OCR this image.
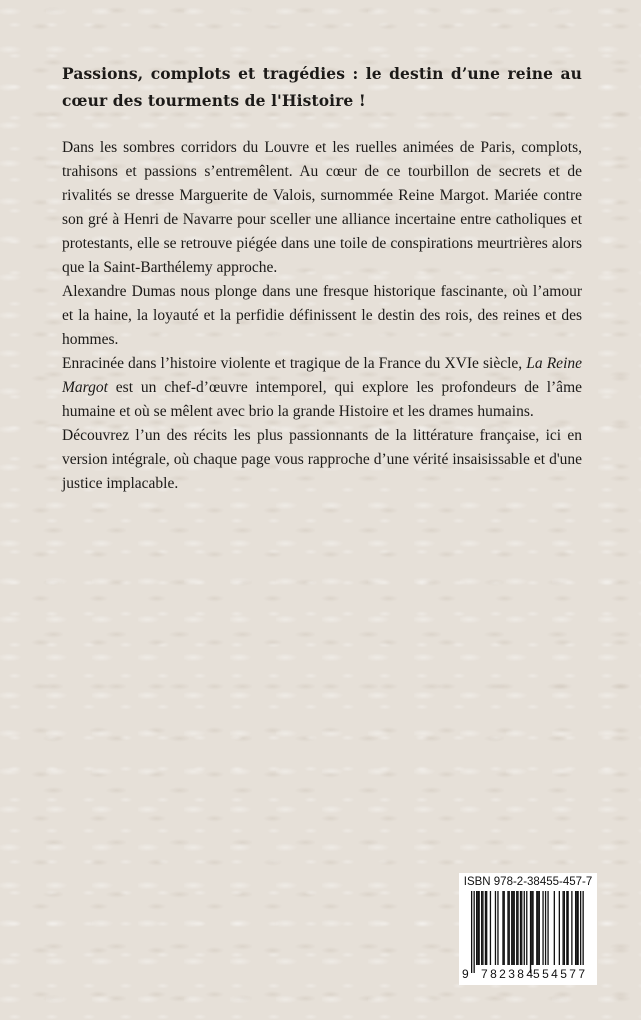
Passions, complots et tragédies : le destin d’une reine au cœur des tourments de l'Histoire !

Dans les sombres corridors du Louvre et les ruelles animées de Paris, complots, trahisons et passions s’entremêlent. Au cœur de ce tourbillon de secrets et de rivalités se dresse Marguerite de Valois, surnommée Reine Margot. Mariée contre son gré à Henri de Navarre pour sceller une alliance incertaine entre catholiques et protestants, elle se retrouve piégée dans une toile de conspirations meurtrières alors que la Saint-Barthélemy approche.

Alexandre Dumas nous plonge dans une fresque historique fascinante, où l’amour et la haine, la loyauté et la perfidie définissent le destin des rois, des reines et des hommes.

Enracinée dans l’histoire violente et tragique de la France du XVIe siècle, La Reine Margot est un chef-d’œuvre intemporel, qui explore les profondeurs de l’âme humaine et où se mêlent avec brio la grande Histoire et les drames humains.

Découvrez l’un des récits les plus passionnants de la littérature française, ici en version intégrale, où chaque page vous rapproche d’une vérité insaisissable et d'une justice implacable.

ISBN 978-2-38455-457-7
9 782384
554577
